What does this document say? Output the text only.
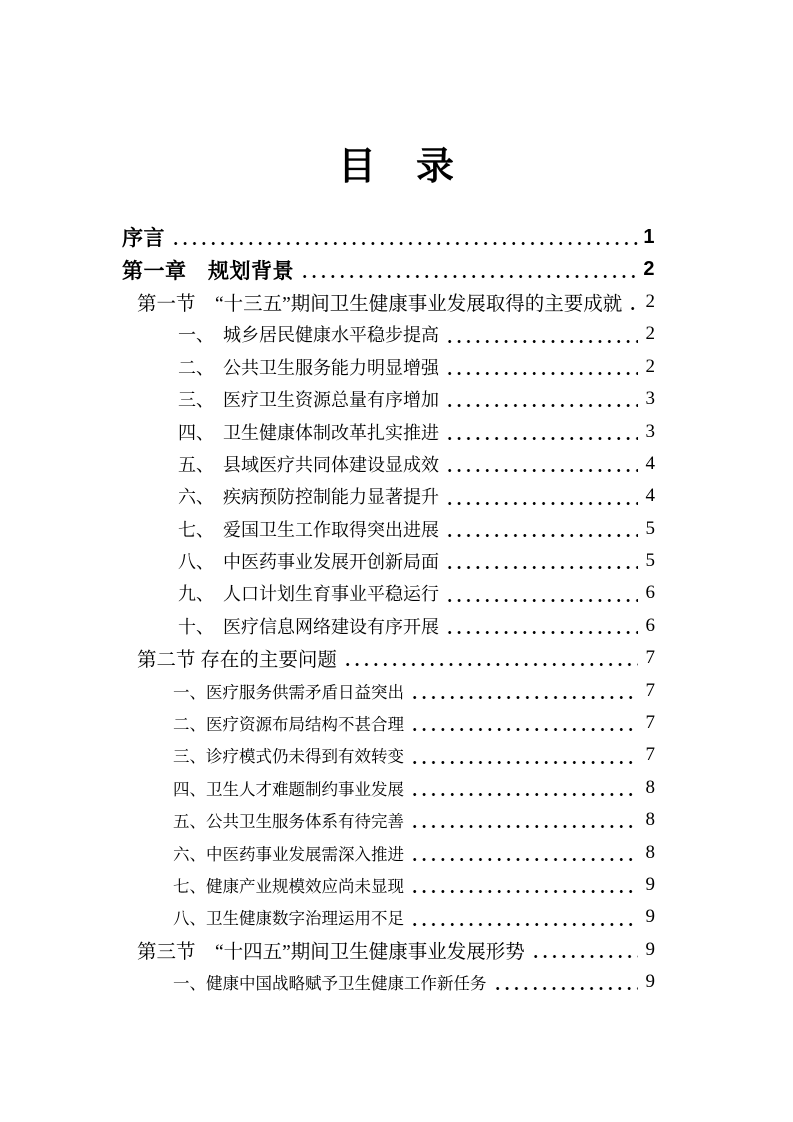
目　录
序言	1
第一章　规划背景	2
第一节　“十三五”期间卫生健康事业发展取得的主要成就 2
一、　城乡居民健康水平稳步提高	2
二、　公共卫生服务能力明显增强	2
三、　医疗卫生资源总量有序增加	3
四、　卫生健康体制改革扎实推进	3
五、　县域医疗共同体建设显成效	4
六、　疾病预防控制能力显著提升	4
七、　爱国卫生工作取得突出进展	5
八、　中医药事业发展开创新局面	5
九、　人口计划生育事业平稳运行	6
十、　医疗信息网络建设有序开展	6
第二节 存在的主要问题	7
一、医疗服务供需矛盾日益突出	7
二、医疗资源布局结构不甚合理	7
三、诊疗模式仍未得到有效转变	7
四、卫生人才难题制约事业发展	8
五、公共卫生服务体系有待完善	8
六、中医药事业发展需深入推进	8
七、健康产业规模效应尚未显现	9
八、卫生健康数字治理运用不足	9
第三节　“十四五”期间卫生健康事业发展形势	9
一、健康中国战略赋予卫生健康工作新任务	9
